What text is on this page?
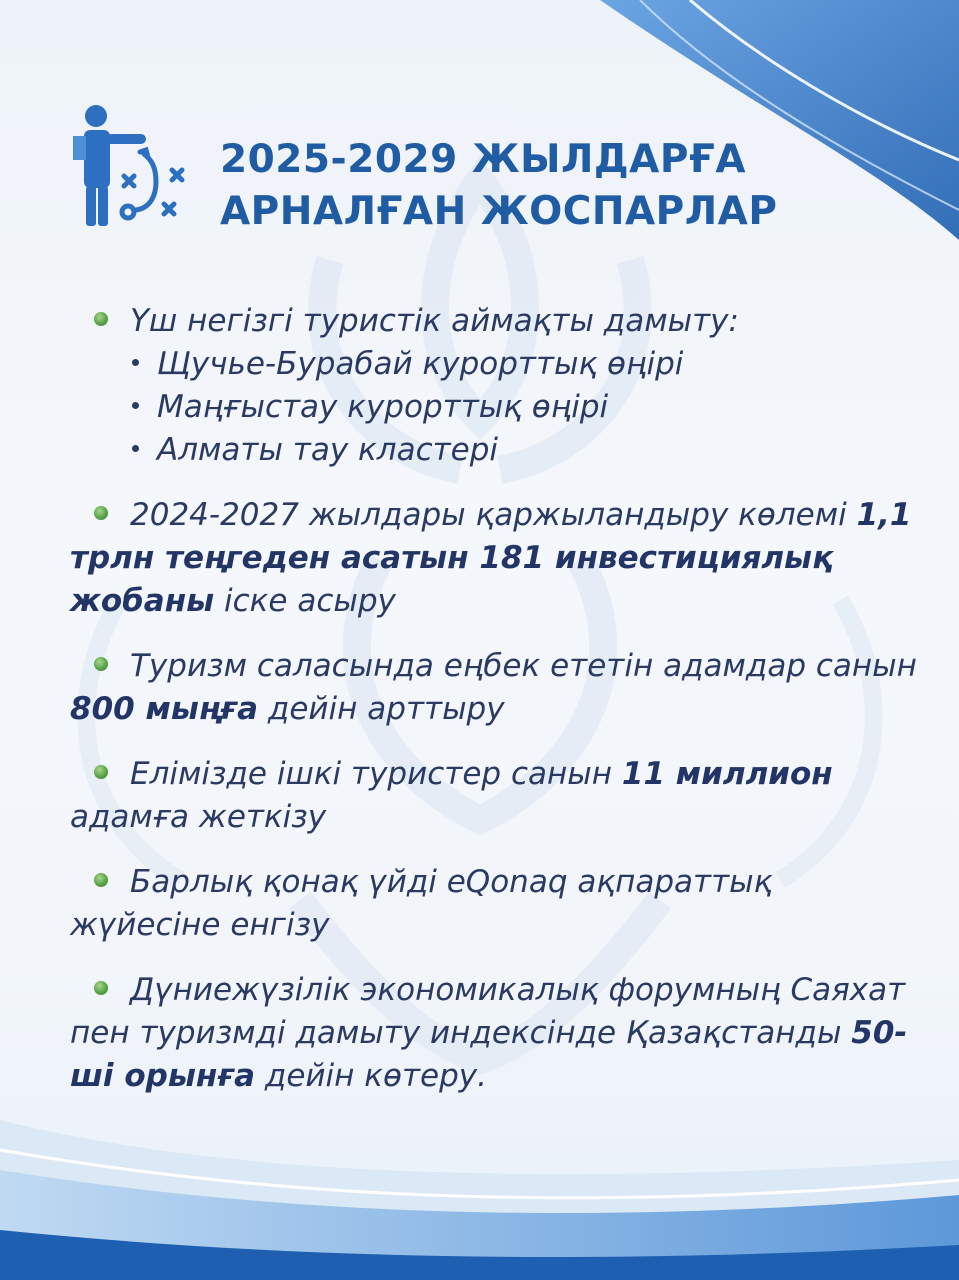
2025-2029 ЖЫЛДАРҒА
АРНАЛҒАН ЖОСПАРЛАР
Үш негізгі туристік аймақты дамыту:
Щучье-Бурабай курорттық өңірі
Маңғыстау курорттық өңірі
Алматы тау кластері
2024-2027 жылдары қаржыландыру көлемі 1,1 трлн теңгеден асатын 181 инвестициялық жобаны іске асыру
Туризм саласында еңбек ететін адамдар санын 800 мыңға дейін арттыру
Елімізде ішкі туристер санын 11 миллион адамға жеткізу
Барлық қонақ үйді eQonaq ақпараттық жүйесіне енгізу
Дүниежүзілік экономикалық форумның Саяхат пен туризмді дамыту индексінде Қазақстанды 50-ші орынға дейін көтеру.
